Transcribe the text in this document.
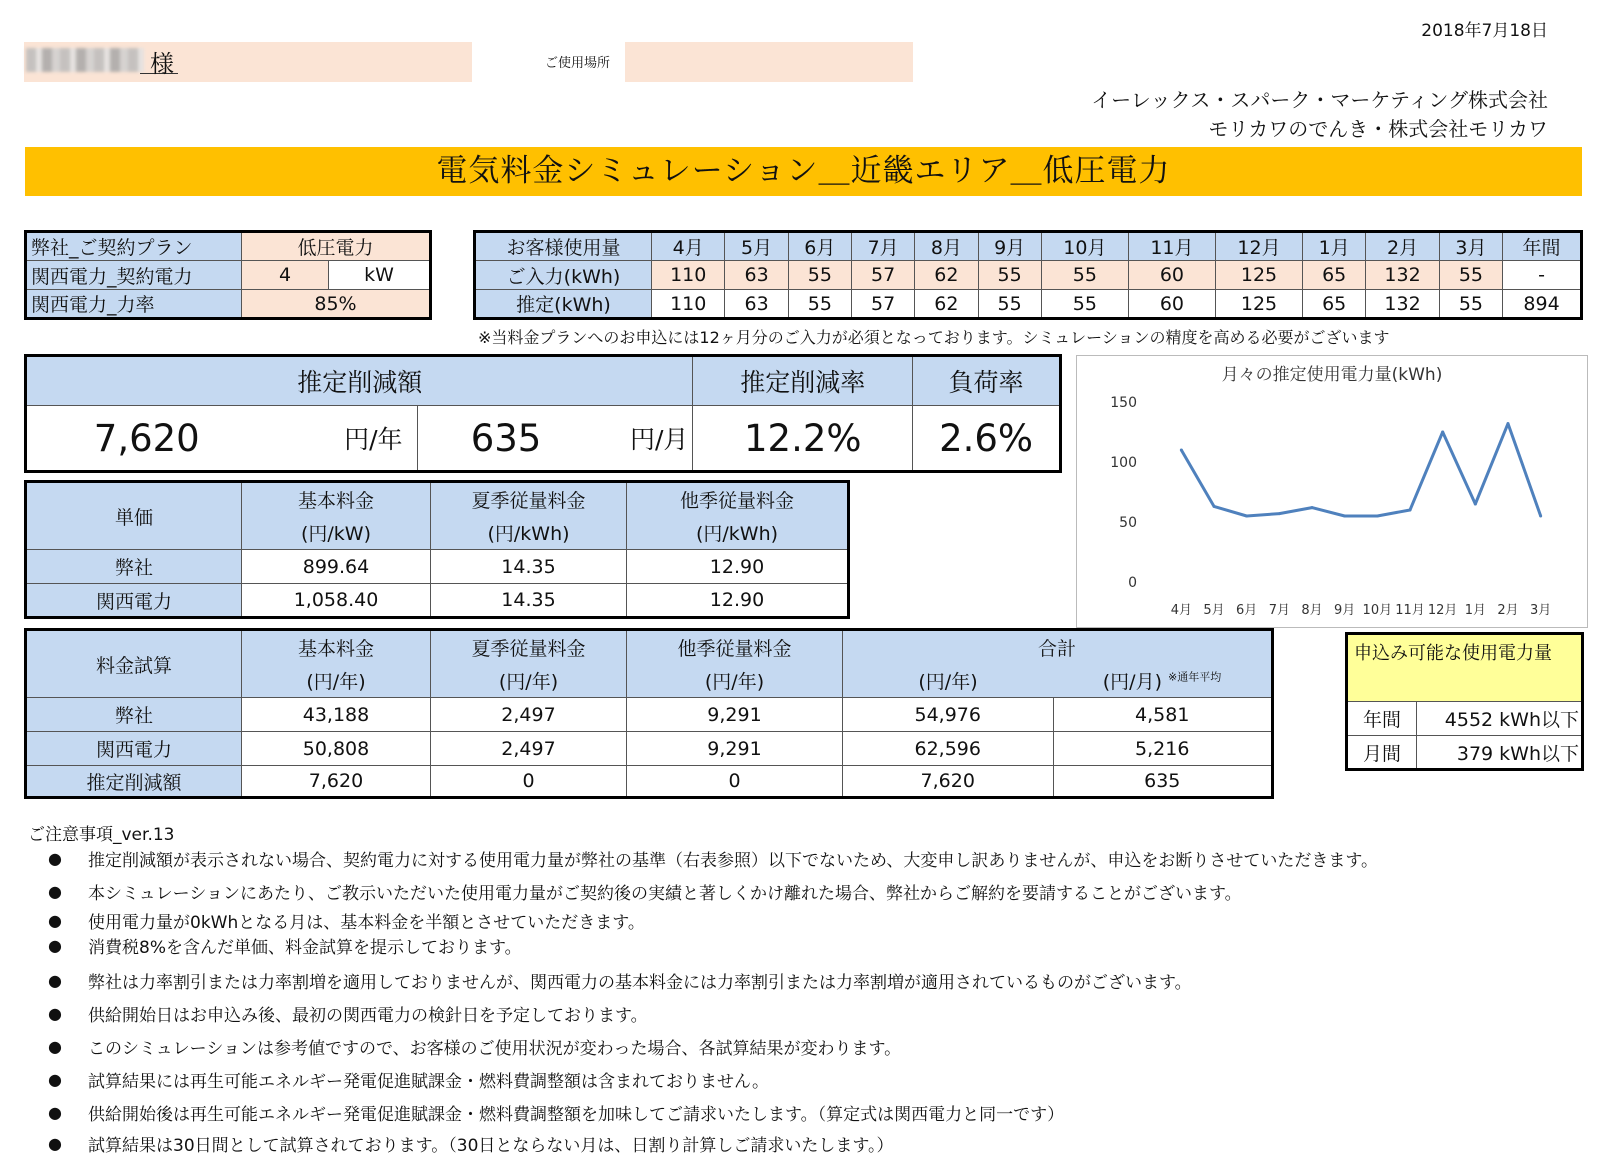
2018年7月18日
様	ご使用場所
イーレックス・スパーク・マーケティング株式会社
モリカワのでんき・株式会社モリカワ
電気料金シミュレーション＿近畿エリア＿低圧電力
弊社_ご契約プラン	低圧電力	
関西電力_契約電力	4	kW
関西電力_力率	85%	
お客様使用量	4月	5月	6月	7月	8月	9月	10月	11月	12月	1月	2月	3月	年間
ご入力(kWh)	110	63	55	57	62	55	55	60	125	65	132	55	-
推定(kWh)	110	63	55	57	62	55	55	60	125	65	132	55	894
※当料金プランへのお申込には12ヶ月分のご入力が必須となっております。シミュレーションの精度を高める必要がございます
推定削減額				推定削減率	負荷率
7,620	円/年	635	円/月	12.2%	2.6%
単価	基本料金	夏季従量料金	他季従量料金
	(円/kW)	(円/kWh)	(円/kWh)
弊社	899.64	14.35	12.90
関西電力	1,058.40	14.35	12.90
料金試算	基本料金	夏季従量料金	他季従量料金	合計	
	(円/年)	(円/年)	(円/年)	(円/年)	(円/月) $^{※通年平均}$
弊社	43,188	2,497	9,291	54,976	4,581
関西電力	50,808	2,497	9,291	62,596	5,216
推定削減額	7,620	0	0	7,620	635
申込み可能な使用電力量	
年間	4552 kWh以下
月間	379 kWh以下
月々の推定使用電力量(kWh)
0
50
100
150
4月 5月 6月 7月 8月 9月 10月 11月 12月 1月 2月 3月
ご注意事項_ver.13
●	推定削減額が表示されない場合、契約電力に対する使用電力量が弊社の基準（右表参照）以下でないため、大変申し訳ありませんが、申込をお断りさせていただきます。
●	本シミュレーションにあたり、ご教示いただいた使用電力量がご契約後の実績と著しくかけ離れた場合、弊社からご解約を要請することがございます。
●	使用電力量が0kWhとなる月は、基本料金を半額とさせていただきます。
●	消費税8%を含んだ単価、料金試算を提示しております。
●	弊社は力率割引または力率割増を適用しておりませんが、関西電力の基本料金には力率割引または力率割増が適用されているものがございます。
●	供給開始日はお申込み後、最初の関西電力の検針日を予定しております。
●	このシミュレーションは参考値ですので、お客様のご使用状況が変わった場合、各試算結果が変わります。
●	試算結果には再生可能エネルギー発電促進賦課金・燃料費調整額は含まれておりません。
●	供給開始後は再生可能エネルギー発電促進賦課金・燃料費調整額を加味してご請求いたします。（算定式は関西電力と同一です）
●	試算結果は30日間として試算されております。（30日とならない月は、日割り計算しご請求いたします。）
